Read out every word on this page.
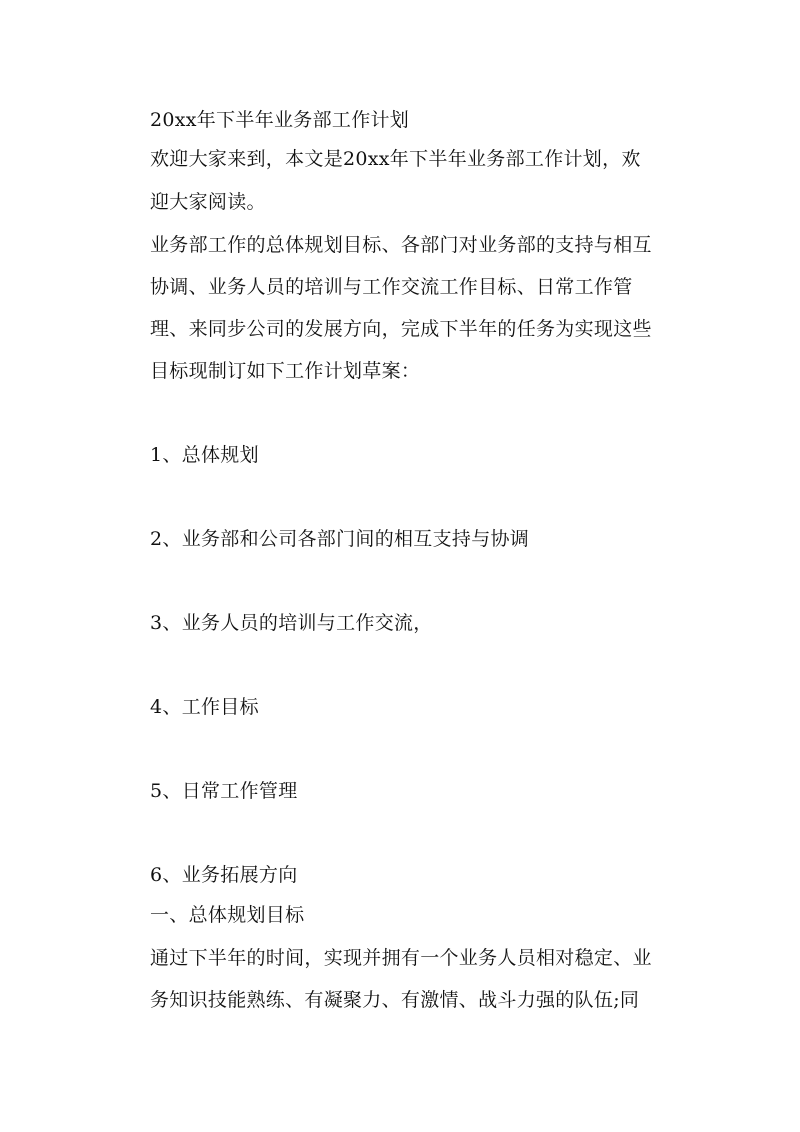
20xx年下半年业务部工作计划
欢迎大家来到，本文是20xx年下半年业务部工作计划，欢
迎大家阅读。
业务部工作的总体规划目标、各部门对业务部的支持与相互
协调、业务人员的培训与工作交流工作目标、日常工作管
理、来同步公司的发展方向，完成下半年的任务为实现这些
目标现制订如下工作计划草案：
1、总体规划
2、业务部和公司各部门间的相互支持与协调
3、业务人员的培训与工作交流，
4、工作目标
5、日常工作管理
6、业务拓展方向
一、总体规划目标
通过下半年的时间，实现并拥有一个业务人员相对稳定、业
务知识技能熟练、有凝聚力、有激情、战斗力强的队伍;同
